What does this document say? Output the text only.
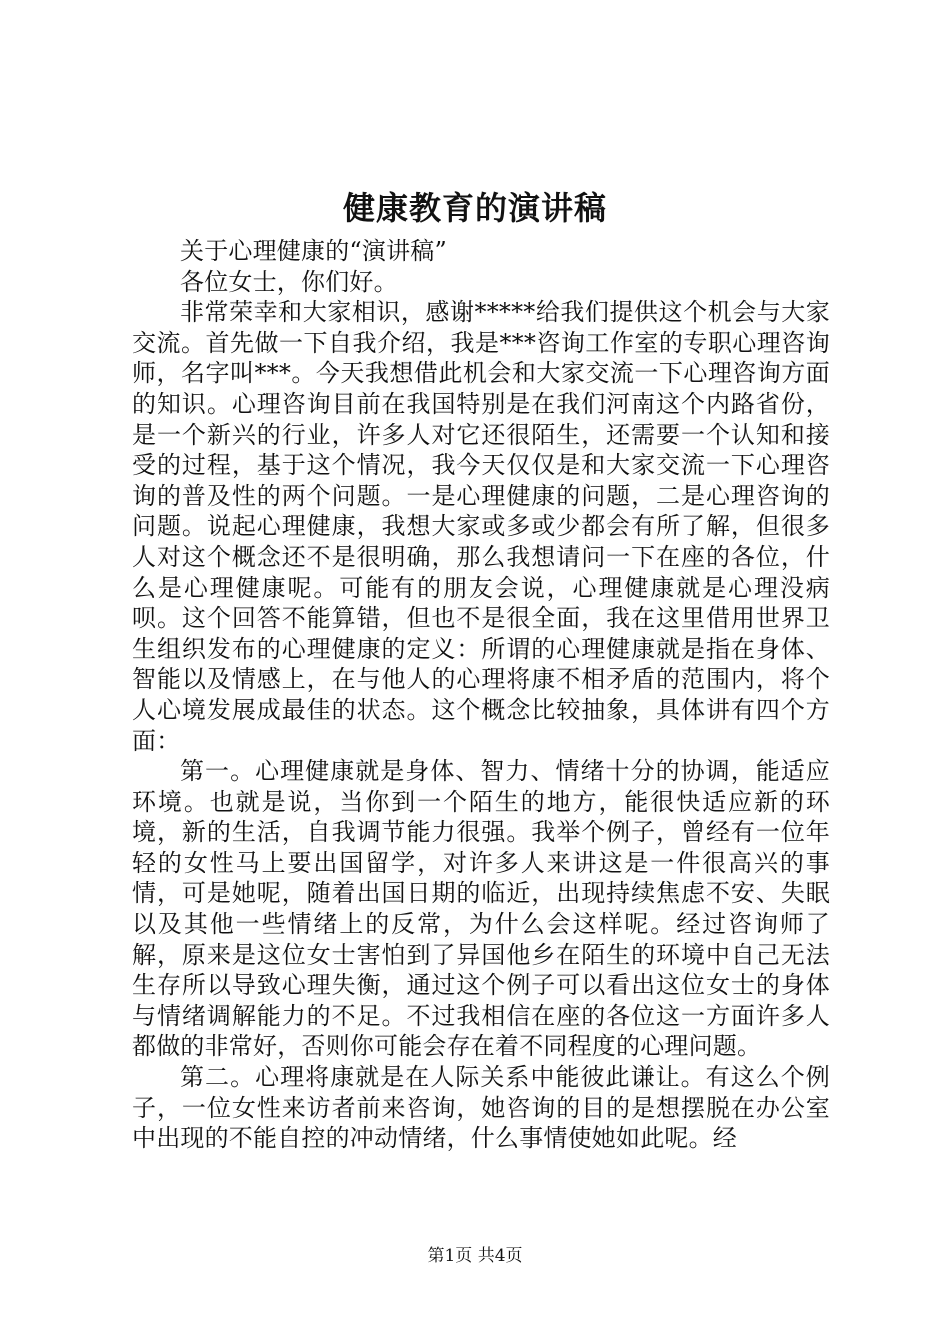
健康教育的演讲稿

关于心理健康的“演讲稿”

各位女士，你们好。

非常荣幸和大家相识，感谢*****给我们提供这个机会与大家交流。首先做一下自我介绍，我是***咨询工作室的专职心理咨询师，名字叫***。今天我想借此机会和大家交流一下心理咨询方面的知识。心理咨询目前在我国特别是在我们河南这个内路省份，是一个新兴的行业，许多人对它还很陌生，还需要一个认知和接受的过程，基于这个情况，我今天仅仅是和大家交流一下心理咨询的普及性的两个问题。一是心理健康的问题，二是心理咨询的问题。说起心理健康，我想大家或多或少都会有所了解，但很多人对这个概念还不是很明确，那么我想请问一下在座的各位，什么是心理健康呢。可能有的朋友会说，心理健康就是心理没病呗。这个回答不能算错，但也不是很全面，我在这里借用世界卫生组织发布的心理健康的定义：所谓的心理健康就是指在身体、智能以及情感上，在与他人的心理将康不相矛盾的范围内，将个人心境发展成最佳的状态。这个概念比较抽象，具体讲有四个方面：

第一。心理健康就是身体、智力、情绪十分的协调，能适应环境。也就是说，当你到一个陌生的地方，能很快适应新的环境，新的生活，自我调节能力很强。我举个例子，曾经有一位年轻的女性马上要出国留学，对许多人来讲这是一件很高兴的事情，可是她呢，随着出国日期的临近，出现持续焦虑不安、失眠以及其他一些情绪上的反常，为什么会这样呢。经过咨询师了解，原来是这位女士害怕到了异国他乡在陌生的环境中自己无法生存所以导致心理失衡，通过这个例子可以看出这位女士的身体与情绪调解能力的不足。不过我相信在座的各位这一方面许多人都做的非常好，否则你可能会存在着不同程度的心理问题。

第二。心理将康就是在人际关系中能彼此谦让。有这么个例子，一位女性来访者前来咨询，她咨询的目的是想摆脱在办公室中出现的不能自控的冲动情绪，什么事情使她如此呢。经

第1页 共4页
